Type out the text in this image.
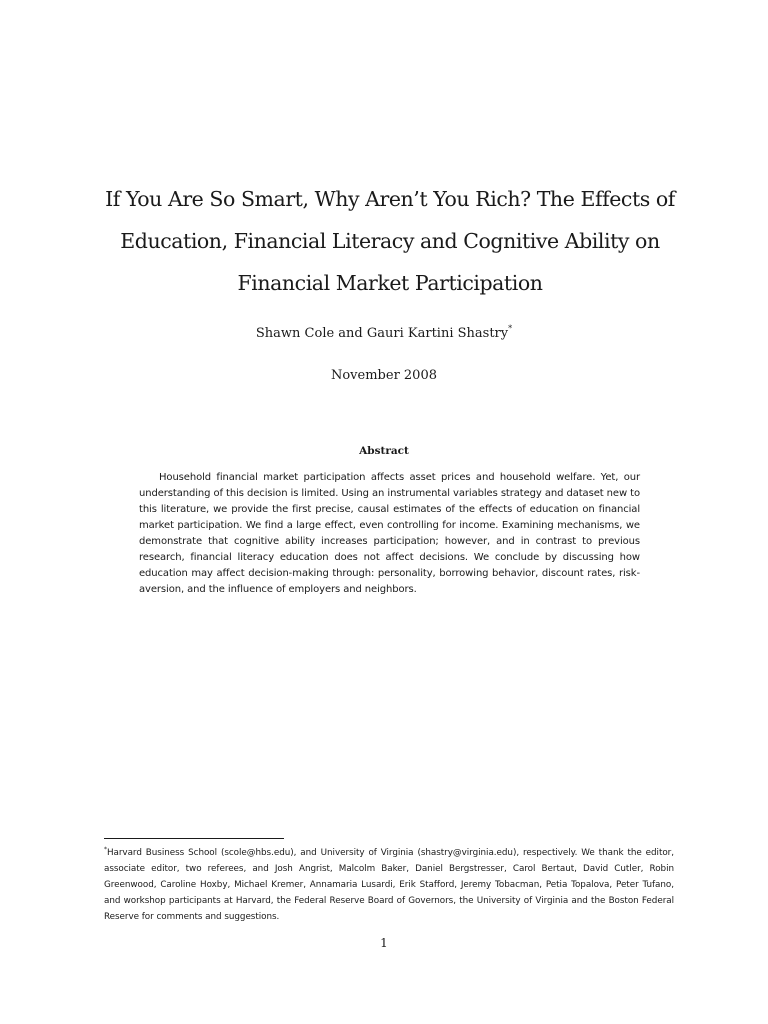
If You Are So Smart, Why Aren’t You Rich? The Effects of
Education, Financial Literacy and Cognitive Ability on
Financial Market Participation
Shawn Cole and Gauri Kartini Shastry*
November 2008
Abstract
Household financial market participation affects asset prices and household welfare. Yet, our understanding of this decision is limited. Using an instrumental variables strategy and dataset new to this literature, we provide the first precise, causal estimates of the effects of education on financial market participation. We find a large effect, even controlling for income. Examining mechanisms, we demonstrate that cognitive ability increases participation; however, and in contrast to previous research, financial literacy education does not affect decisions. We conclude by discussing how education may affect decision-making through: personality, borrowing behavior, discount rates, risk-aversion, and the influence of employers and neighbors.
*Harvard Business School (scole@hbs.edu), and University of Virginia (shastry@virginia.edu), respectively. We thank the editor, associate editor, two referees, and Josh Angrist, Malcolm Baker, Daniel Bergstresser, Carol Bertaut, David Cutler, Robin Greenwood, Caroline Hoxby, Michael Kremer, Annamaria Lusardi, Erik Stafford, Jeremy Tobacman, Petia Topalova, Peter Tufano, and workshop participants at Harvard, the Federal Reserve Board of Governors, the University of Virginia and the Boston Federal Reserve for comments and suggestions.
1
